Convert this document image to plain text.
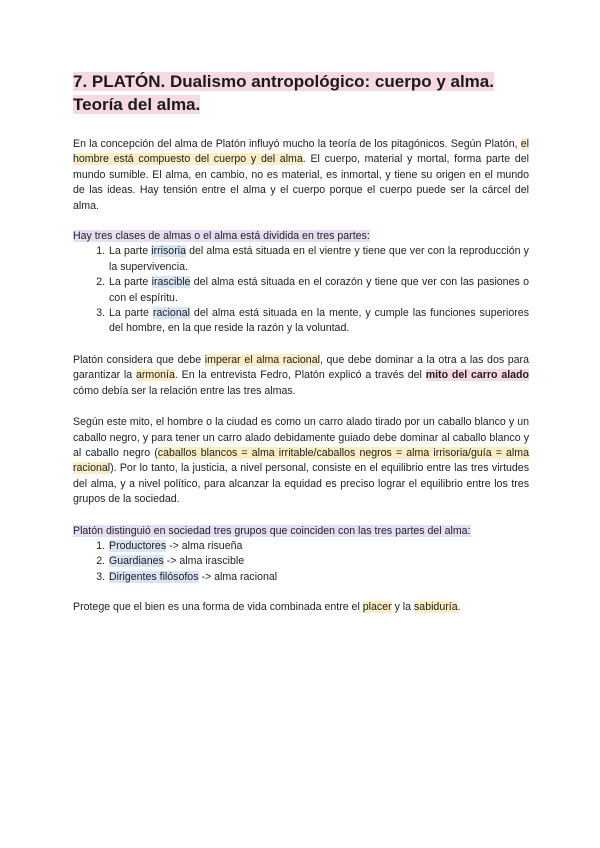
7. PLATÓN. Dualismo antropológico: cuerpo y alma. Teoría del alma.

En la concepción del alma de Platón influyó mucho la teoría de los pitagónicos. Según Platón, el hombre está compuesto del cuerpo y del alma. El cuerpo, material y mortal, forma parte del mundo sumible. El alma, en cambio, no es material, es inmortal, y tiene su origen en el mundo de las ideas. Hay tensión entre el alma y el cuerpo porque el cuerpo puede ser la cárcel del alma.

Hay tres clases de almas o el alma está dividida en tres partes:

1. La parte irrisoria del alma está situada en el vientre y tiene que ver con la reproducción y la supervivencia.
2. La parte irascible del alma está situada en el corazón y tiene que ver con las pasiones o con el espíritu.
3. La parte racional del alma está situada en la mente, y cumple las funciones superiores del hombre, en la que reside la razón y la voluntad.

Platón considera que debe imperar el alma racional, que debe dominar a la otra a las dos para garantizar la armonía. En la entrevista Fedro, Platón explicó a través del mito del carro alado cómo debía ser la relación entre las tres almas.

Según este mito, el hombre o la ciudad es como un carro alado tirado por un caballo blanco y un caballo negro, y para tener un carro alado debidamente guiado debe dominar al caballo blanco y al caballo negro (caballos blancos = alma irritable/caballos negros = alma irrisoria/guía = alma racional). Por lo tanto, la justicia, a nivel personal, consiste en el equilibrio entre las tres virtudes del alma, y a nivel político, para alcanzar la equidad es preciso lograr el equilibrio entre los tres grupos de la sociedad.

Platón distinguió en sociedad tres grupos que coinciden con las tres partes del alma:

1. Productores -> alma risueña
2. Guardianes -> alma irascible
3. Dirigentes filósofos -> alma racional

Protege que el bien es una forma de vida combinada entre el placer y la sabiduría.
